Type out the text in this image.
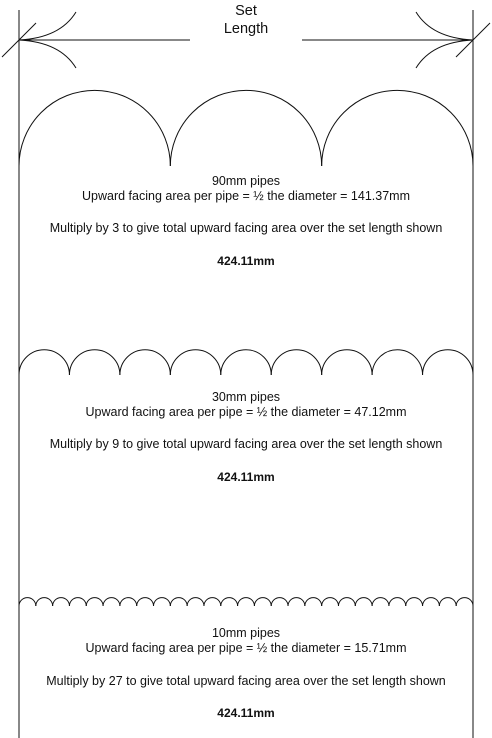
Set
Length
90mm pipes
Upward facing area per pipe = ½ the diameter = 141.37mm
Multiply by 3 to give total upward facing area over the set length shown
424.11mm
30mm pipes
Upward facing area per pipe = ½ the diameter = 47.12mm
Multiply by 9 to give total upward facing area over the set length shown
424.11mm
10mm pipes
Upward facing area per pipe = ½ the diameter = 15.71mm
Multiply by 27 to give total upward facing area over the set length shown
424.11mm
